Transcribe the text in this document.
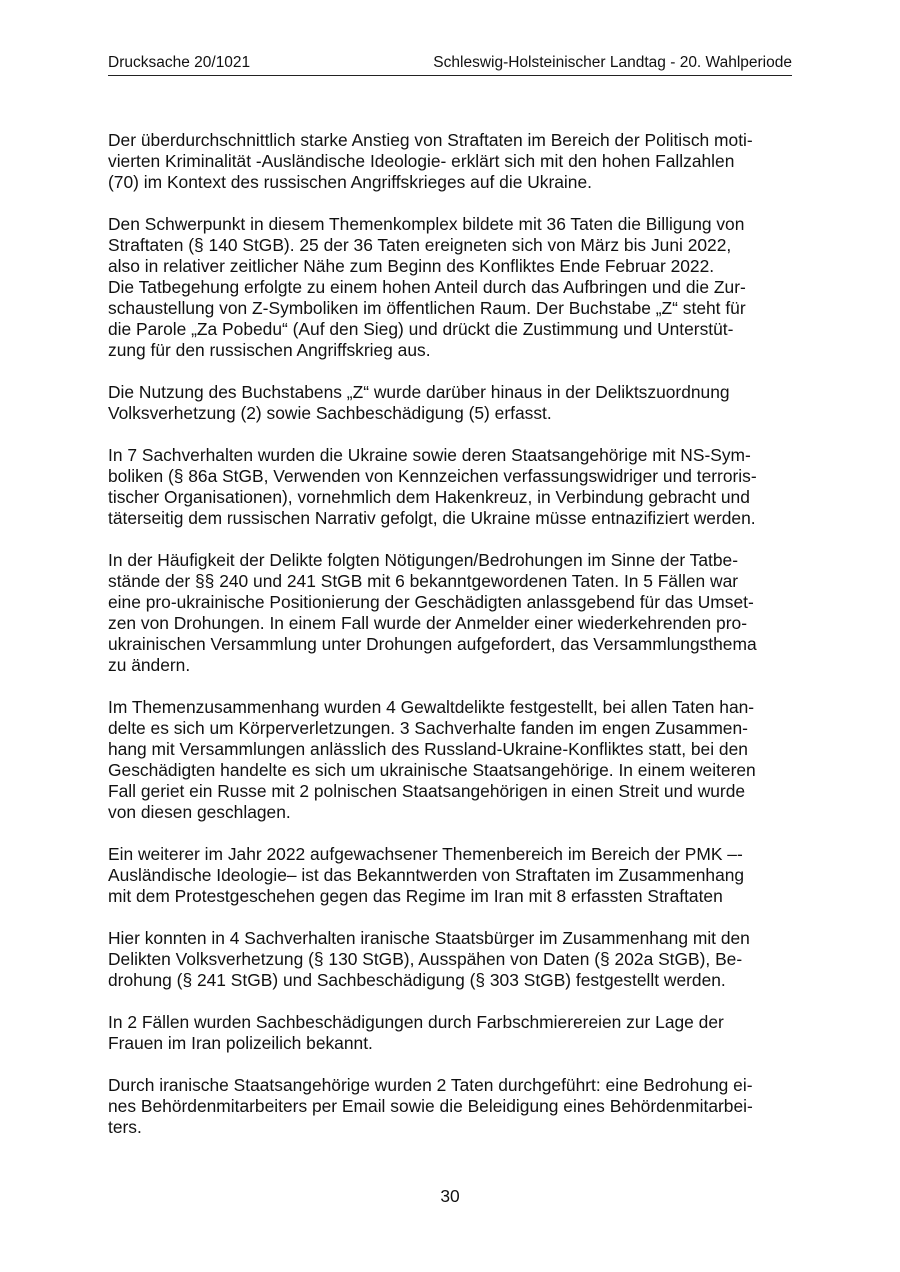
Drucksache 20/1021	Schleswig-Holsteinischer Landtag - 20. Wahlperiode

Der überdurchschnittlich starke Anstieg von Straftaten im Bereich der Politisch moti-
vierten Kriminalität -Ausländische Ideologie- erklärt sich mit den hohen Fallzahlen
(70) im Kontext des russischen Angriffskrieges auf die Ukraine.

Den Schwerpunkt in diesem Themenkomplex bildete mit 36 Taten die Billigung von
Straftaten (§ 140 StGB). 25 der 36 Taten ereigneten sich von März bis Juni 2022,
also in relativer zeitlicher Nähe zum Beginn des Konfliktes Ende Februar 2022.
Die Tatbegehung erfolgte zu einem hohen Anteil durch das Aufbringen und die Zur-
schaustellung von Z-Symboliken im öffentlichen Raum. Der Buchstabe „Z“ steht für
die Parole „Za Pobedu“ (Auf den Sieg) und drückt die Zustimmung und Unterstüt-
zung für den russischen Angriffskrieg aus.

Die Nutzung des Buchstabens „Z“ wurde darüber hinaus in der Deliktszuordnung
Volksverhetzung (2) sowie Sachbeschädigung (5) erfasst.

In 7 Sachverhalten wurden die Ukraine sowie deren Staatsangehörige mit NS-Sym-
boliken (§ 86a StGB, Verwenden von Kennzeichen verfassungswidriger und terroris-
tischer Organisationen), vornehmlich dem Hakenkreuz, in Verbindung gebracht und
täterseitig dem russischen Narrativ gefolgt, die Ukraine müsse entnazifiziert werden.

In der Häufigkeit der Delikte folgten Nötigungen/Bedrohungen im Sinne der Tatbe-
stände der §§ 240 und 241 StGB mit 6 bekanntgewordenen Taten. In 5 Fällen war
eine pro-ukrainische Positionierung der Geschädigten anlassgebend für das Umset-
zen von Drohungen. In einem Fall wurde der Anmelder einer wiederkehrenden pro-
ukrainischen Versammlung unter Drohungen aufgefordert, das Versammlungsthema
zu ändern.

Im Themenzusammenhang wurden 4 Gewaltdelikte festgestellt, bei allen Taten han-
delte es sich um Körperverletzungen. 3 Sachverhalte fanden im engen Zusammen-
hang mit Versammlungen anlässlich des Russland-Ukraine-Konfliktes statt, bei den
Geschädigten handelte es sich um ukrainische Staatsangehörige. In einem weiteren
Fall geriet ein Russe mit 2 polnischen Staatsangehörigen in einen Streit und wurde
von diesen geschlagen.

Ein weiterer im Jahr 2022 aufgewachsener Themenbereich im Bereich der PMK –-
Ausländische Ideologie– ist das Bekanntwerden von Straftaten im Zusammenhang
mit dem Protestgeschehen gegen das Regime im Iran mit 8 erfassten Straftaten

Hier konnten in 4 Sachverhalten iranische Staatsbürger im Zusammenhang mit den
Delikten Volksverhetzung (§ 130 StGB), Ausspähen von Daten (§ 202a StGB), Be-
drohung (§ 241 StGB) und Sachbeschädigung (§ 303 StGB) festgestellt werden.

In 2 Fällen wurden Sachbeschädigungen durch Farbschmierereien zur Lage der
Frauen im Iran polizeilich bekannt.

Durch iranische Staatsangehörige wurden 2 Taten durchgeführt: eine Bedrohung ei-
nes Behördenmitarbeiters per Email sowie die Beleidigung eines Behördenmitarbei-
ters.

30
